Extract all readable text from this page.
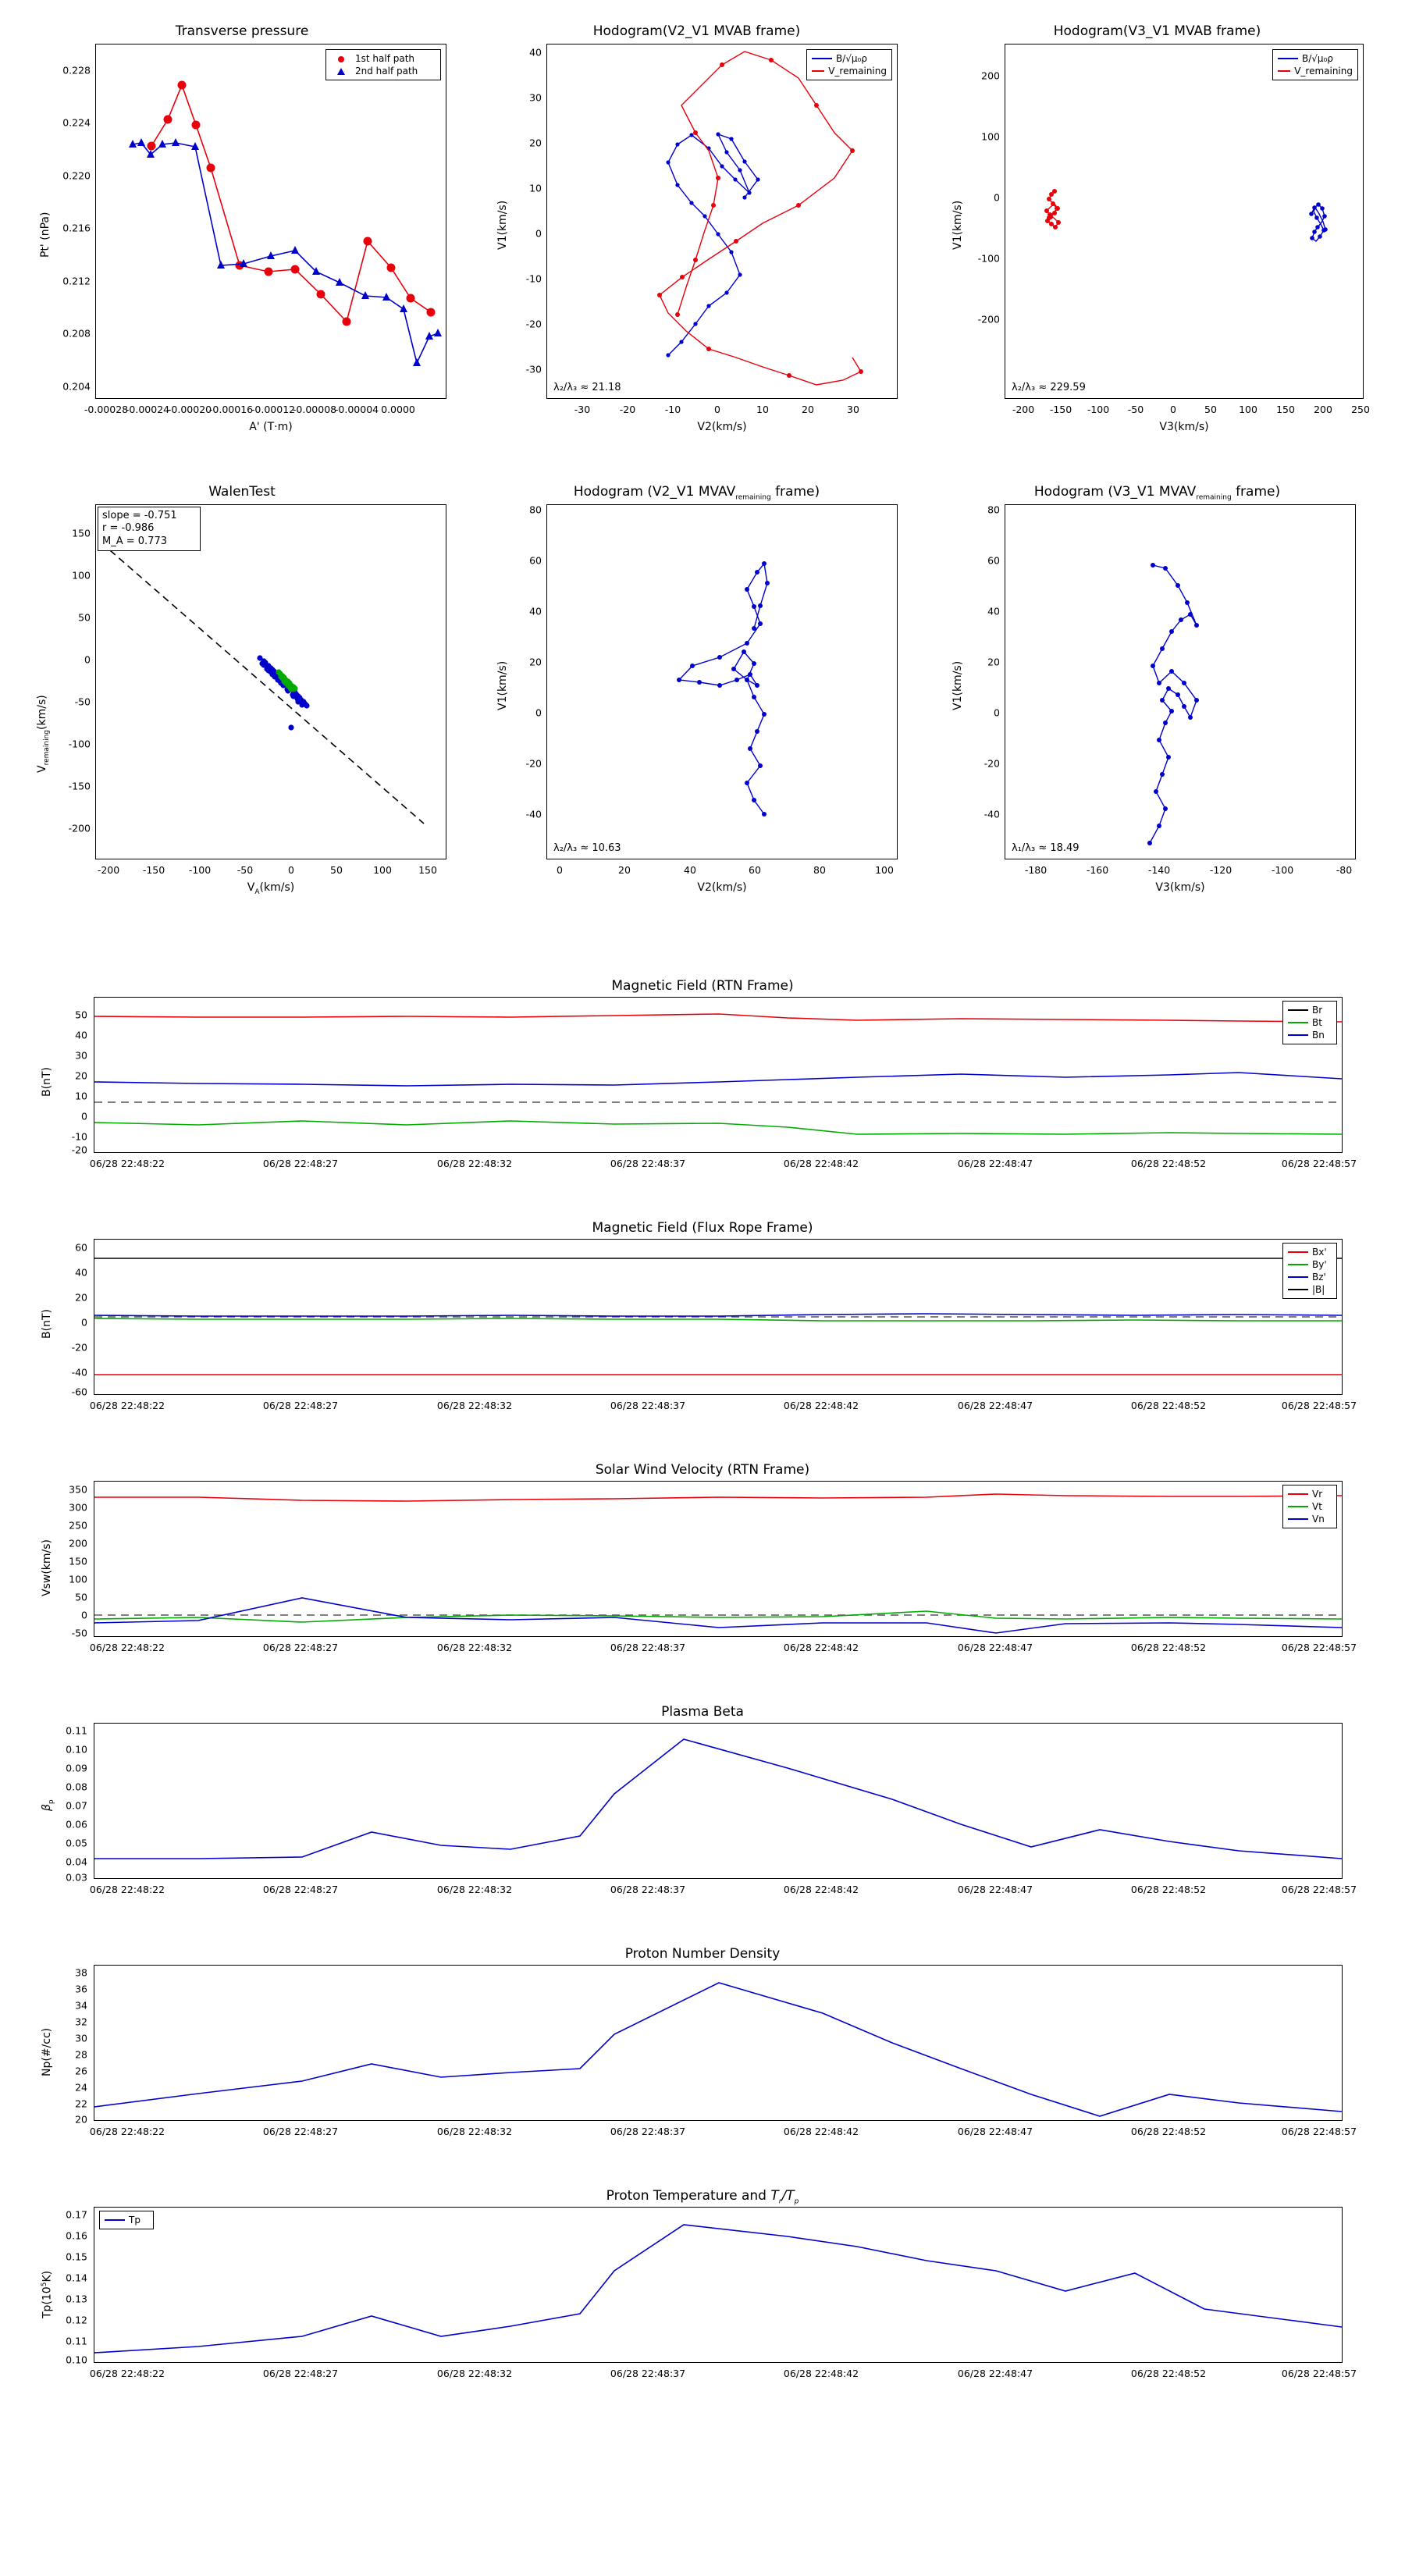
Transverse pressure
1st half path
2nd half path
0.228
0.224
0.220
0.216
0.212
0.208
0.204
-0.00028
-0.00024
-0.00020
-0.00016
-0.00012
-0.00008
-0.00004 0.0000
A' (T·m)
Pt' (nPa)
Hodogram(V2_V1 MVAB frame)
B/√μ₀ρ
V_remaining
λ₂/λ₃ ≈ 21.18
40
30
20
10
0
-10
-20
-30
-30	-20	-10	0	10	20	30
V2(km/s)
V1(km/s)
Hodogram(V3_V1 MVAB frame)
B/√μ₀ρ
V_remaining
λ₂/λ₃ ≈ 229.59
200
100
0
-100
-200
-200 -150 -100 -50	0	50 100 150 200 250
V3(km/s)
V1(km/s)
WalenTest
slope = -0.751
r = -0.986
M_A = 0.773
150
100
50
0
-50
-100
-150
-200
-200 -150 -100	-50	0	50	100	150
$V_A(km/s)$
$V_{remaining}(km/s)$
Hodogram (V2_V1 $MVAV_{remaining}$ frame)
λ₂/λ₃ ≈ 10.63
80
60
40
20
0
-20
-40
0	20	40	60	80	100
V2(km/s)
V1(km/s)
Hodogram (V3_V1 $MVAV_{remaining}$ frame)
λ₁/λ₃ ≈ 18.49
80
60
40
20
0
-20
-40
-180	-160	-140	-120	-100	-80
V3(km/s)
V1(km/s)
Magnetic Field (RTN Frame)
Br
Bt
Bn
50
40
30
20
10
0
-10
-20
06/28 22:48:22	06/28 22:48:27	06/28 22:48:32	06/28 22:48:37	06/28 22:48:42	06/28 22:48:47	06/28 22:48:52	06/28 22:48:57
B(nT)
Magnetic Field (Flux Rope Frame)
Bx'
By'
Bz'
|B|
60
40
20
0
-20
-40
-60
06/28 22:48:22	06/28 22:48:27	06/28 22:48:32	06/28 22:48:37	06/28 22:48:42	06/28 22:48:47	06/28 22:48:52	06/28 22:48:57
B(nT)
Solar Wind Velocity (RTN Frame)
Vr
Vt
Vn
350
300
250
200
150
100
50
0
-50
06/28 22:48:22	06/28 22:48:27	06/28 22:48:32	06/28 22:48:37	06/28 22:48:42	06/28 22:48:47	06/28 22:48:52	06/28 22:48:57
Vsw(km/s)
Plasma Beta
0.11
0.10
0.09
0.08
0.07
0.06
0.05
0.04
0.03
06/28 22:48:22	06/28 22:48:27	06/28 22:48:32	06/28 22:48:37	06/28 22:48:42	06/28 22:48:47	06/28 22:48:52	06/28 22:48:57
$\beta_p$
Proton Number Density
38
36
34
32
30
28
26
24
22
20
06/28 22:48:22	06/28 22:48:27	06/28 22:48:32	06/28 22:48:37	06/28 22:48:42	06/28 22:48:47	06/28 22:48:52	06/28 22:48:57
Np(#/cc)
Proton Temperature and $T_r/T_p$
Tp
0.17
0.16
0.15
0.14
0.13
0.12
0.11
0.10
06/28 22:48:22	06/28 22:48:27	06/28 22:48:32	06/28 22:48:37	06/28 22:48:42	06/28 22:48:47	06/28 22:48:52	06/28 22:48:57
$Tp(10^5K)$
